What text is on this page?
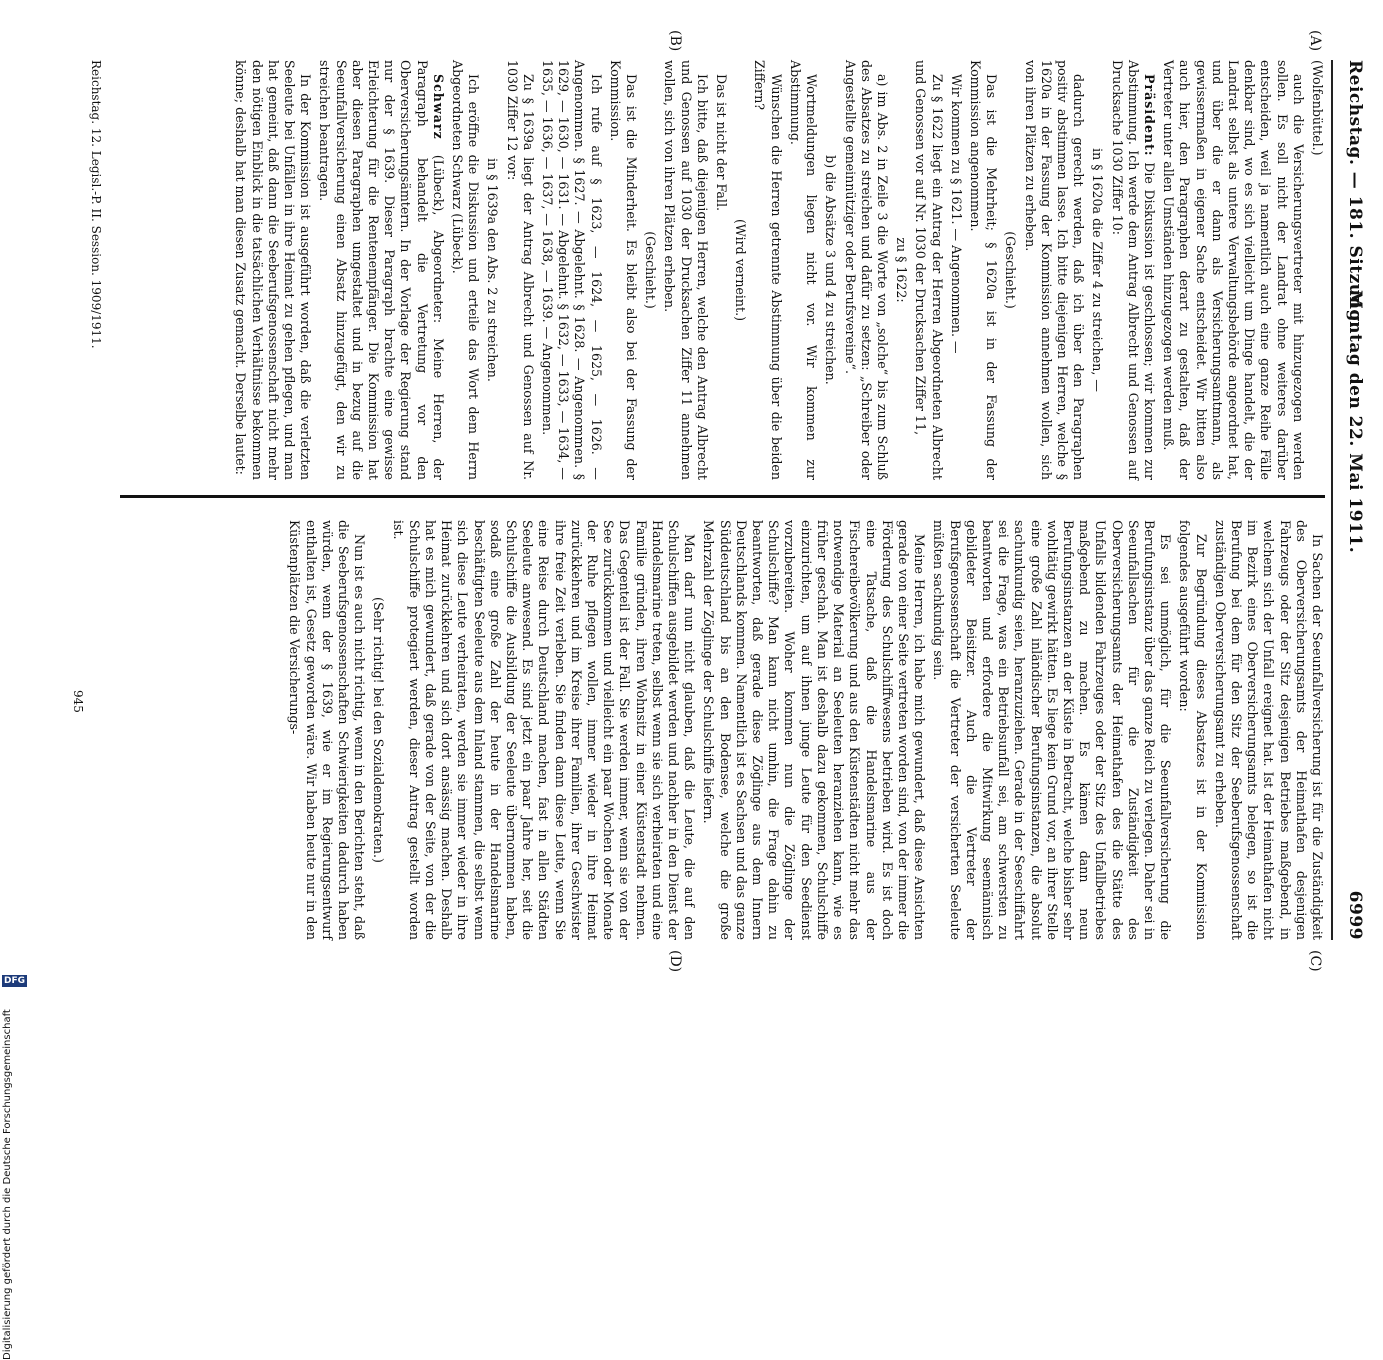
Reichstag. — 181. Sitzung.
Montag den 22. Mai 1911.
6999
(A)
(B)
(C)
(D)

(Wolfenbüttel.)

auch die Versicherungsvertreter mit hinzugezogen werden sollen. Es soll nicht der Landrat ohne weiteres darüber entscheiden, weil ja namentlich auch eine ganze Reihe Fälle denkbar sind, wo es sich vielleicht um Dinge handelt, die der Landrat selbst als untere Verwaltungsbehörde angeordnet hat, und über die er dann als Versicherungsamtmann, als gewissermaßen in eigener Sache entscheidet. Wir bitten also auch hier, den Paragraphen derart zu gestalten, daß der Vertreter unter allen Umständen hinzugezogen werden muß.

Präsident: Die Diskussion ist geschlossen; wir kommen zur Abstimmung. Ich werde dem Antrag Albrecht und Genossen auf Drucksache 1030 Ziffer 10:

in § 1620a die Ziffer 4 zu streichen, —

dadurch gerecht werden, daß ich über den Paragraphen positiv abstimmen lasse. Ich bitte diejenigen Herren, welche § 1620a in der Fassung der Kommission annehmen wollen, sich von ihren Plätzen zu erheben.

(Geschieht.)

Das ist die Mehrheit; § 1620a ist in der Fassung der Kommission angenommen.

Wir kommen zu § 1621. — Angenommen. —

Zu § 1622 liegt ein Antrag der Herren Abgeordneten Albrecht und Genossen vor auf Nr. 1030 der Drucksachen Ziffer 11,

zu § 1622:

a) im Abs. 2 in Zeile 3 die Worte von „solche“ bis zum Schluß des Absatzes zu streichen und dafür zu setzen: „Schreiber oder Angestellte gemeinnütziger oder Berufsvereine“.

b) die Absätze 3 und 4 zu streichen.

Wortmeldungen liegen nicht vor. Wir kommen zur Abstimmung.

Wünschen die Herren getrennte Abstimmung über die beiden Ziffern?

(Wird verneint.)

Das ist nicht der Fall.

Ich bitte, daß diejenigen Herren, welche den Antrag Albrecht und Genossen auf 1030 der Drucksachen Ziffer 11 annehmen wollen, sich von ihren Plätzen erheben.

(Geschieht.)

Das ist die Minderheit. Es bleibt also bei der Fassung der Kommission.

Ich rufe auf § 1623, — 1624, — 1625, — 1626. — Angenommen. § 1627. — Abgelehnt. § 1628. — Angenommen. § 1629, — 1630, — 1631. — Abgelehnt. § 1632, — 1633, — 1634, — 1635, — 1636, — 1637, — 1638, — 1639. — Angenommen.

Zu § 1639a liegt der Antrag Albrecht und Genossen auf Nr. 1030 Ziffer 12 vor:

in § 1639a den Abs. 2 zu streichen.

Ich eröffne die Diskussion und erteile das Wort dem Herrn Abgeordneten Schwarz (Lübeck).

Schwarz (Lübeck), Abgeordneter: Meine Herren, der Paragraph behandelt die Vertretung vor den Oberversicherungsämtern. In der Vorlage der Regierung stand nur der § 1639. Dieser Paragraph brachte eine gewisse Erleichterung für die Rentenempfänger. Die Kommission hat aber diesen Paragraphen umgestaltet und in bezug auf die Seeunfallversicherung einen Absatz hinzugefügt, den wir zu streichen beantragen.

In der Kommission ist ausgeführt worden, daß die verletzten Seeleute bei Unfällen in ihre Heimat zu gehen pflegen, und man hat gemeint, daß dann die Seeberufsgenossenschaft nicht mehr den nötigen Einblick in die tatsächlichen Verhältnisse bekommen könne; deshalb hat man diesen Zusatz gemacht. Derselbe lautet:

In Sachen der Seeunfallversicherung ist für die Zuständigkeit des Oberversicherungsamts der Heimathafen desjenigen Fahrzeugs oder der Sitz desjenigen Betriebes maßgebend, in welchem sich der Unfall ereignet hat. Ist der Heimathafen nicht im Bezirk eines Oberversicherungsamts belegen, so ist die Berufung bei dem für den Sitz der Seeberufsgenossenschaft zuständigen Oberversicherungsamt zu erheben.

Zur Begründung dieses Absatzes ist in der Kommission folgendes ausgeführt worden:

Es sei unmöglich, für die Seeunfallversicherung die Berufungsinstanz über das ganze Reich zu verlegen. Daher sei in Seeunfallsachen für die Zuständigkeit des Oberversicherungsamts der Heimathafen des die Stätte des Unfalls bildenden Fahrzeuges oder der Sitz des Unfallbetriebes maßgebend zu machen. Es kämen dann neun Berufungsinstanzen an der Küste in Betracht, welche bisher sehr wohltätig gewirkt hätten. Es liege kein Grund vor, an ihrer Stelle eine große Zahl inländischer Berufungsinstanzen, die absolut sachunkundig seien, heranzuziehen. Gerade in der Seeschiffahrt sei die Frage, was ein Betriebsunfall sei, am schwersten zu beantworten und erfordere die Mitwirkung seemännisch gebildeter Beisitzer. Auch die Vertreter der Berufsgenossenschaft die Vertreter der versicherten Seeleute müßten sachkundig sein.

Meine Herren, ich habe mich gewundert, daß diese Ansichten gerade von einer Seite vertreten worden sind, von der immer die Förderung des Schulschiffwesens betrieben wird. Es ist doch eine Tatsache, daß die Handelsmarine aus der Fischereibevölkerung und aus den Küstenstädten nicht mehr das notwendige Material an Seeleuten heranziehen kann, wie es früher geschah. Man ist deshalb dazu gekommen, Schulschiffe einzurichten, um auf ihnen junge Leute für den Seedienst vorzubereiten. Woher kommen nun die Zöglinge der Schulschiffe? Man kann nicht umhin, die Frage dahin zu beantworten, daß gerade diese Zöglinge aus dem Innern Deutschlands kommen. Namentlich ist es Sachsen und das ganze Süddeutschland bis an den Bodensee, welche die große Mehrzahl der Zöglinge der Schulschiffe liefern.

Man darf nun nicht glauben, daß die Leute, die auf den Schulschiffen ausgebildet werden und nachher in den Dienst der Handelsmarine treten, selbst wenn sie sich verheiraten und eine Familie gründen, ihren Wohnsitz in einer Küstenstadt nehmen. Das Gegenteil ist der Fall. Sie werden immer, wenn sie von der See zurückkommen und vielleicht ein paar Wochen oder Monate der Ruhe pflegen wollen, immer wieder in ihre Heimat zurückkehren und im Kreise ihrer Familien, ihrer Geschwister ihre freie Zeit verleben. Sie finden dann diese Leute, wenn Sie eine Reise durch Deutschland machen, fast in allen Städten Seeleute anwesend. Es sind jetzt ein paar Jahre her, seit die Schulschiffe die Ausbildung der Seeleute übernommen haben, sodaß eine große Zahl der heute in der Handelsmarine beschäftigten Seeleute aus dem Inland stammen, die selbst wenn sich diese Leute verheiraten, werden sie immer wieder in ihre Heimat zurückkehren und sich dort ansässig machen. Deshalb hat es mich gewundert, daß gerade von der Seite, von der die Schulschiffe protegiert werden, dieser Antrag gestellt worden ist.

(Sehr richtig! bei den Sozialdemokraten.)

Nun ist es auch nicht richtig, wenn in den Berichten steht, daß die Seeberufsgenossenschaften Schwierigkeiten dadurch haben würden, wenn der § 1639, wie er im Regierungsentwurf enthalten ist, Gesetz geworden wäre. Wir haben heute nur in den Küstenplätzen die Versicherungs-

Reichstag. 12. Legisl.-P. II. Session. 1909/1911.
945
Digitalisierung gefördert durch die Deutsche Forschungsgemeinschaft
DFG
